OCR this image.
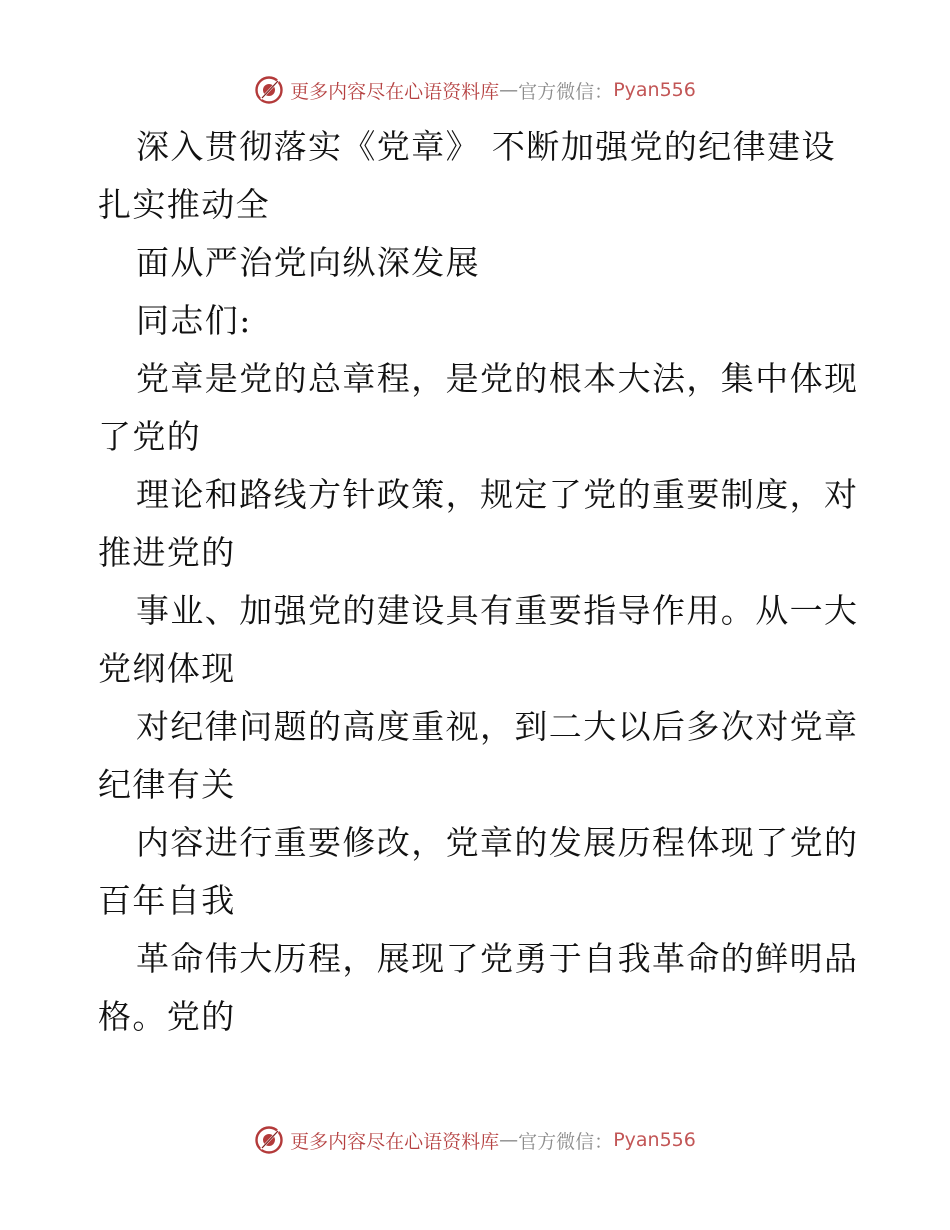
更多内容尽在心语资料库 — 官方微信： Pyan556
深入贯彻落实《党章》 不断加强党的纪律建设
扎实推动全
面从严治党向纵深发展
同志们:
党章是党的总章程，是党的根本大法，集中体现
了党的
理论和路线方针政策，规定了党的重要制度，对
推进党的
事业、加强党的建设具有重要指导作用。从一大
党纲体现
对纪律问题的高度重视，到二大以后多次对党章
纪律有关
内容进行重要修改，党章的发展历程体现了党的
百年自我
革命伟大历程，展现了党勇于自我革命的鲜明品
格。党的
更多内容尽在心语资料库 — 官方微信： Pyan556
